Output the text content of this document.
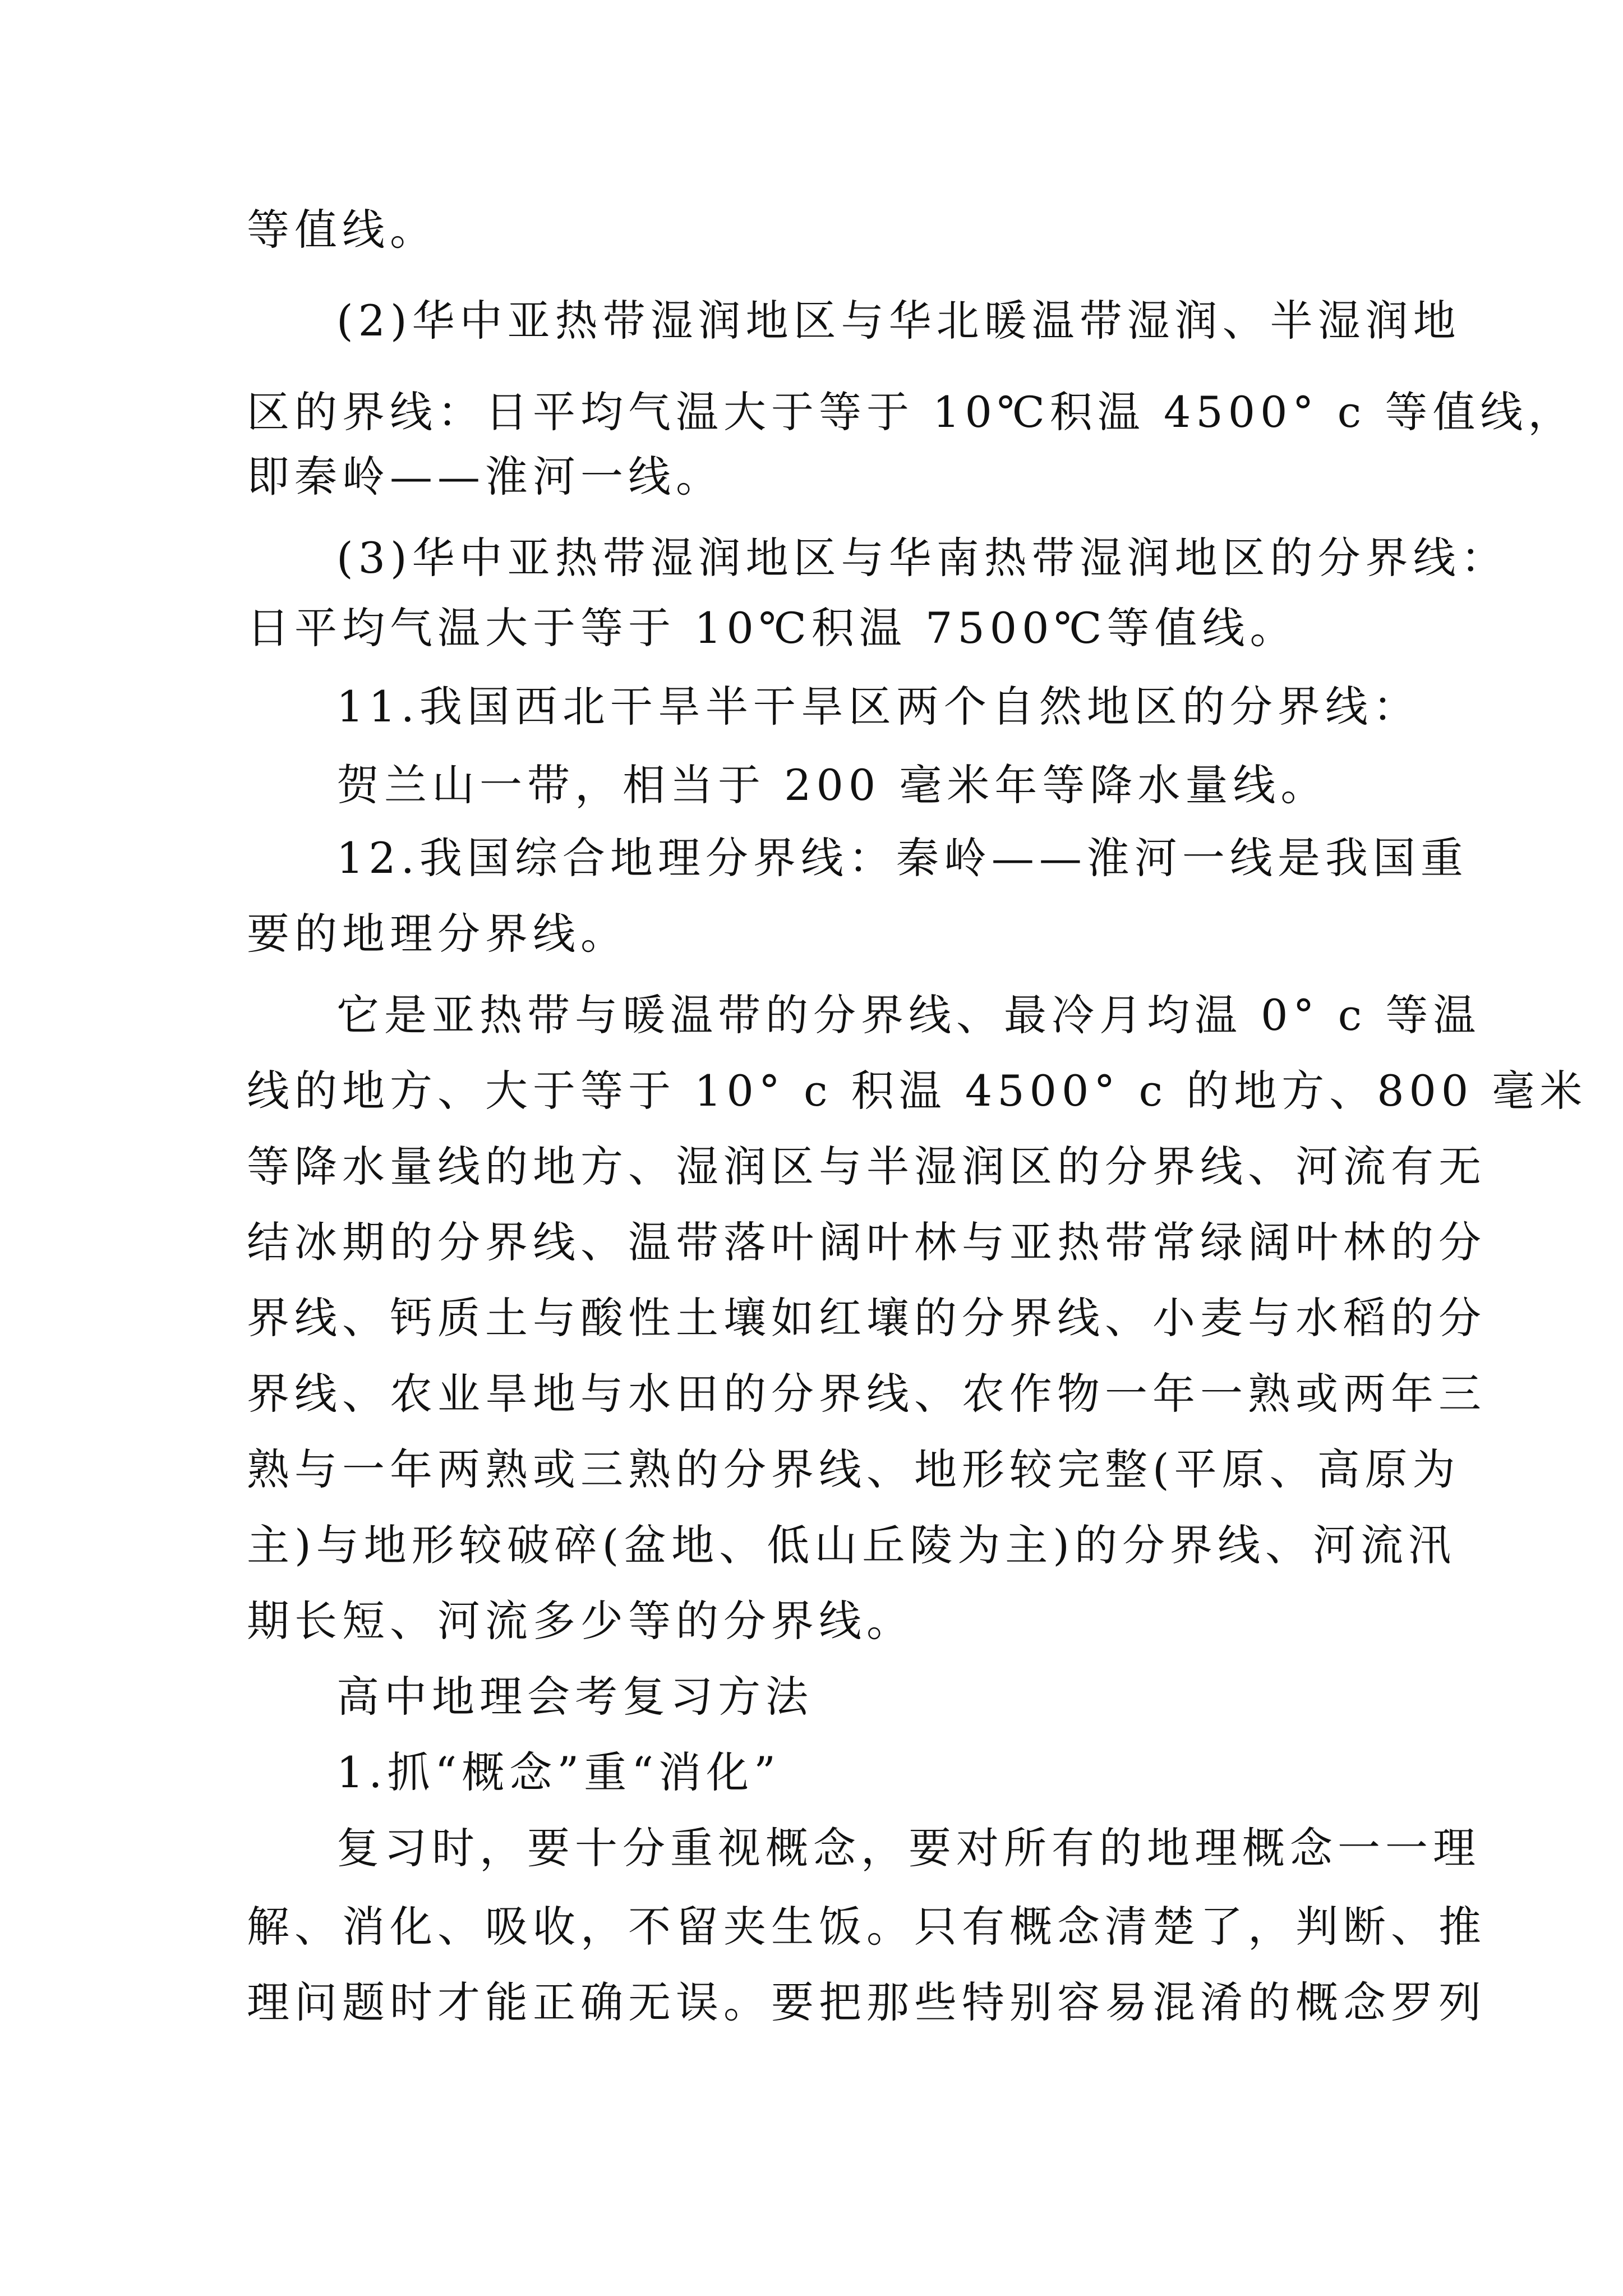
等值线。
(2)华中亚热带湿润地区与华北暖温带湿润、半湿润地
区的界线：日平均气温大于等于 10℃积温 4500° c 等值线，
即秦岭——淮河一线。
(3)华中亚热带湿润地区与华南热带湿润地区的分界线：
日平均气温大于等于 10℃积温 7500℃等值线。
11.我国西北干旱半干旱区两个自然地区的分界线：
贺兰山一带，相当于 200 毫米年等降水量线。
12.我国综合地理分界线：秦岭——淮河一线是我国重
要的地理分界线。
它是亚热带与暖温带的分界线、最冷月均温 0° c 等温
线的地方、大于等于 10° c 积温 4500° c 的地方、800 毫米
等降水量线的地方、湿润区与半湿润区的分界线、河流有无
结冰期的分界线、温带落叶阔叶林与亚热带常绿阔叶林的分
界线、钙质土与酸性土壤如红壤的分界线、小麦与水稻的分
界线、农业旱地与水田的分界线、农作物一年一熟或两年三
熟与一年两熟或三熟的分界线、地形较完整(平原、高原为
主)与地形较破碎(盆地、低山丘陵为主)的分界线、河流汛
期长短、河流多少等的分界线。
高中地理会考复习方法
1.抓“概念”重“消化”
复习时，要十分重视概念，要对所有的地理概念一一理
解、消化、吸收，不留夹生饭。只有概念清楚了，判断、推
理问题时才能正确无误。要把那些特别容易混淆的概念罗列
